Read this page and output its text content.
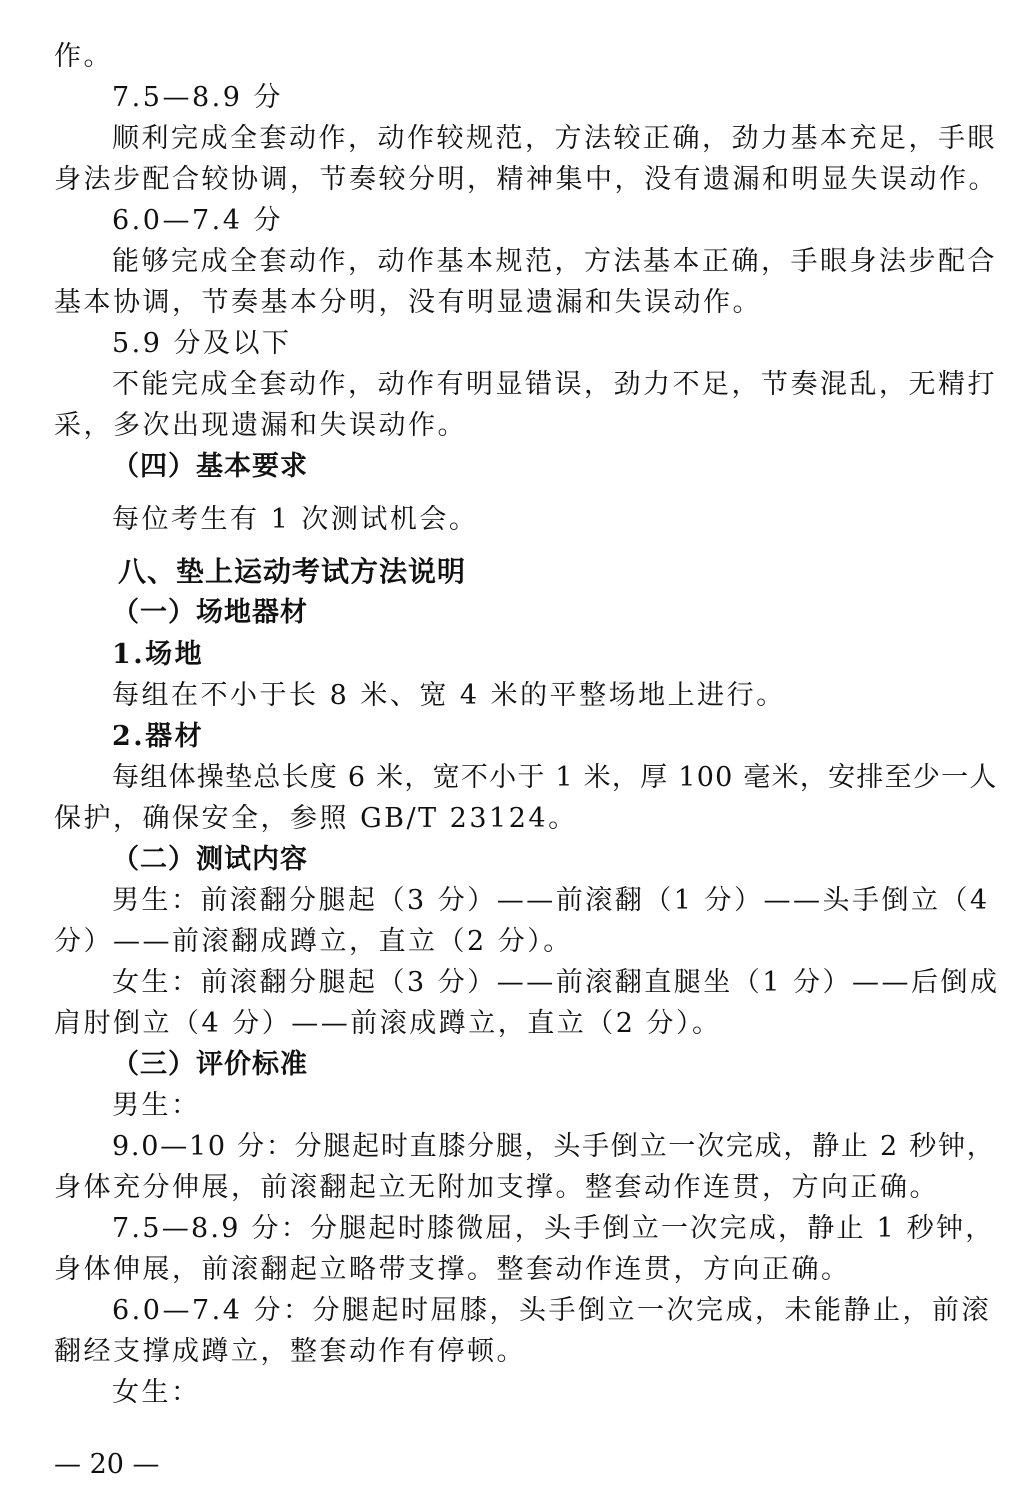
作。
7.5—8.9 分
顺利完成全套动作，动作较规范，方法较正确，劲力基本充足，手眼
身法步配合较协调，节奏较分明，精神集中，没有遗漏和明显失误动作。
6.0—7.4 分
能够完成全套动作，动作基本规范，方法基本正确，手眼身法步配合
基本协调，节奏基本分明，没有明显遗漏和失误动作。
5.9 分及以下
不能完成全套动作，动作有明显错误，劲力不足，节奏混乱，无精打
采，多次出现遗漏和失误动作。
（四）基本要求
每位考生有 1 次测试机会。
八、垫上运动考试方法说明
（一）场地器材
1.场地
每组在不小于长 8 米、宽 4 米的平整场地上进行。
2.器材
每组体操垫总长度 6 米，宽不小于 1 米，厚 100 毫米，安排至少一人
保护，确保安全，参照 GB/T 23124。
（二）测试内容
男生：前滚翻分腿起（3 分）——前滚翻（1 分）——头手倒立（4
分）——前滚翻成蹲立，直立（2 分）。
女生：前滚翻分腿起（3 分）——前滚翻直腿坐（1 分）——后倒成
肩肘倒立（4 分）——前滚成蹲立，直立（2 分）。
（三）评价标准
男生：
9.0—10 分：分腿起时直膝分腿，头手倒立一次完成，静止 2 秒钟，
身体充分伸展，前滚翻起立无附加支撑。整套动作连贯，方向正确。
7.5—8.9 分：分腿起时膝微屈，头手倒立一次完成，静止 1 秒钟，
身体伸展，前滚翻起立略带支撑。整套动作连贯，方向正确。
6.0—7.4 分：分腿起时屈膝，头手倒立一次完成，未能静止，前滚
翻经支撑成蹲立，整套动作有停顿。
女生：
— 20 —
